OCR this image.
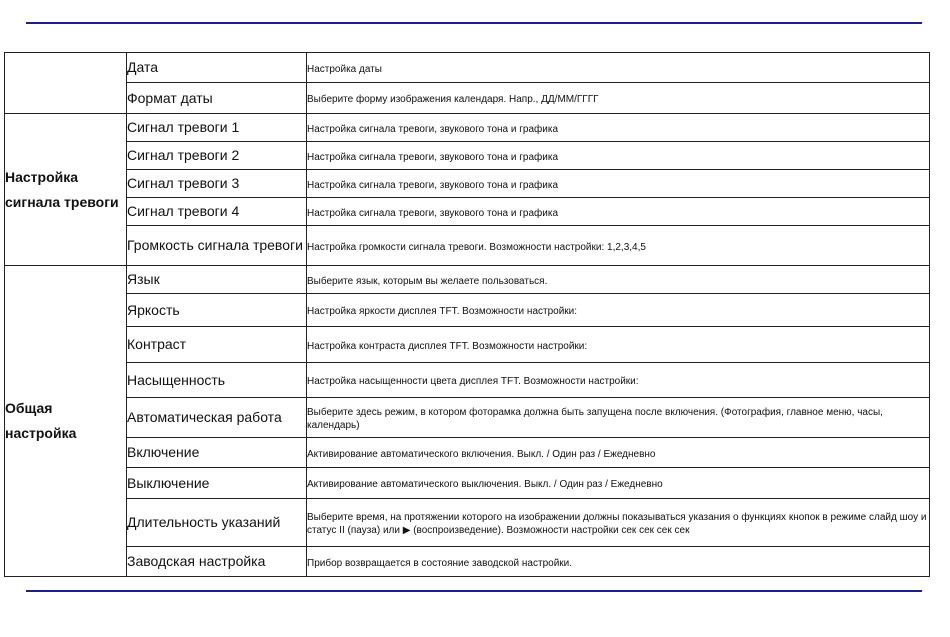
	Дата	Настройка даты

	Формат даты	Выберите форму изображения календаря. Напр., ДД/ММ/ГГГГ

Настройка сигнала тревоги	Сигнал тревоги 1	Настройка сигнала тревоги, звукового тона и графика

	Сигнал тревоги 2	Настройка сигнала тревоги, звукового тона и графика

	Сигнал тревоги 3	Настройка сигнала тревоги, звукового тона и графика

	Сигнал тревоги 4	Настройка сигнала тревоги, звукового тона и графика

	Громкость сигнала тревоги	Настройка громкости сигнала тревоги. Возможности настройки: 1,2,3,4,5

Общая настройка	Язык	Выберите язык, которым вы желаете пользоваться.

	Яркость	Настройка яркости дисплея TFT. Возможности настройки:

	Контраст	Настройка контраста дисплея TFT. Возможности настройки:

	Насыщенность	Настройка насыщенности цвета дисплея TFT. Возможности настройки:

	Автоматическая работа	Выберите здесь режим, в котором фоторамка должна быть запущена после включения. (Фотография, главное меню, часы, календарь)

	Включение	Активирование автоматического включения. Выкл. / Один раз / Ежедневно

	Выключение	Активирование автоматического выключения. Выкл. / Один раз / Ежедневно

	Длительность указаний	Выберите время, на протяжении которого на изображении должны показываться указания о функциях кнопок в режиме слайд шоу и статус II (пауза) или ▶ (воспроизведение). Возможности настройки сек сек сек сек

	Заводская настройка	Прибор возвращается в состояние заводской настройки.
